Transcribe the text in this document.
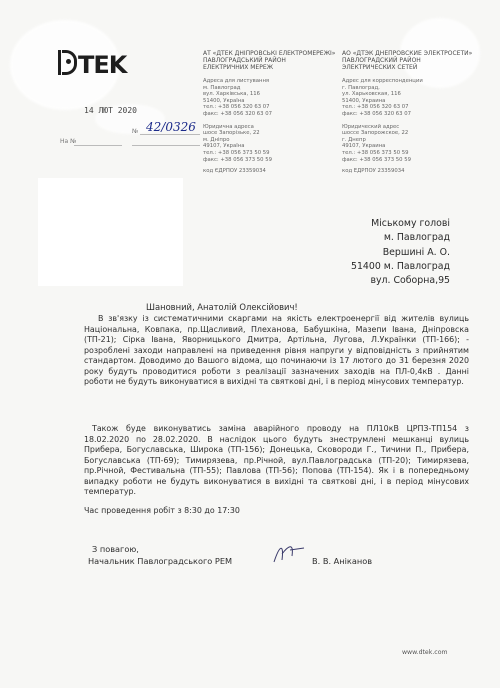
TEK	АТ «ДТЕК ДНІПРОВСЬКІ ЕЛЕКТРОМЕРЕЖІ»
ПАВЛОГРАДСЬКИЙ РАЙОН
ЕЛЕКТРИЧНИХ МЕРЕЖ
Адреса для листування
м. Павлоград
вул. Харківська, 116
51400, Україна
тел.: +38 056 320 63 07
факс: +38 056 320 63 07
Юридична адреса
шосе Запорізьке, 22
м. Дніпро
49107, Україна
тел.: +38 056 373 50 59
факс: +38 056 373 50 59
код ЄДРПОУ 23359034
АО «ДТЭК ДНЕПРОВСКИЕ ЭЛЕКТРОСЕТИ»
ПАВЛОГРАДСКИЙ РАЙОН
ЭЛЕКТРИЧЕСКИХ СЕТЕЙ
Адрес для корреспонденции
г. Павлоград,
ул. Харьковская, 116
51400, Украина
тел.: +38 056 320 63 07
факс: +38 056 320 63 07
Юридический адрес
шоссе Запорожское, 22
г. Днепр
49107, Украина
тел.: +38 056 373 50 59
факс: +38 056 373 50 59
код ЕДРПОУ 23359034
14 ЛЮТ 2020
№ 42/0326
На №
Міському голові
м. Павлоград
Вершині А. О.
51400 м. Павлоград
вул. Соборна,95
Шановний, Анатолій Олексійович!
В зв'язку із систематичними скаргами на якість електроенергії від жителів вулиць Національна, Ковпака, пр.Щасливий, Плеханова, Бабушкіна, Мазепи Івана, Дніпровска (ТП-21); Сірка Івана, Яворницького Дмитра, Артільна, Лугова, Л.Українки (ТП-166); - розроблені заходи направлені на приведення рівня напруги у відповідність з прийнятим стандартом. Доводимо до Вашого відома, що починаючи із 17 лютого до 31 березня 2020 року будуть проводитися роботи з реалізації зазначених заходів на ПЛ-0,4кВ . Данні роботи не будуть виконуватися в вихідні та святкові дні, і в період мінусових температур.
Також буде виконуватись заміна аварійного проводу на ПЛ10кВ ЦРПЗ-ТП154 з 18.02.2020 по 28.02.2020. В наслідок цього будуть знеструмлені мешканці вулиць Прибера, Богуславська, Широка (ТП-156); Донецька, Сковороди Г., Тичини П., Прибера, Богуславська (ТП-69); Тимирязева, пр.Річной, вул.Павлоградська (ТП-20); Тимирязева, пр.Річной, Фестивальна (ТП-55); Павлова (ТП-56); Попова (ТП-154). Як і в попередньому випадку роботи не будуть виконуватися в вихідні та святкові дні, і в період мінусових температур.
Час проведення робіт з 8:30 до 17:30
З повагою,
Начальник Павлоградського РЕМ	В. В. Аніканов
www.dtek.com
